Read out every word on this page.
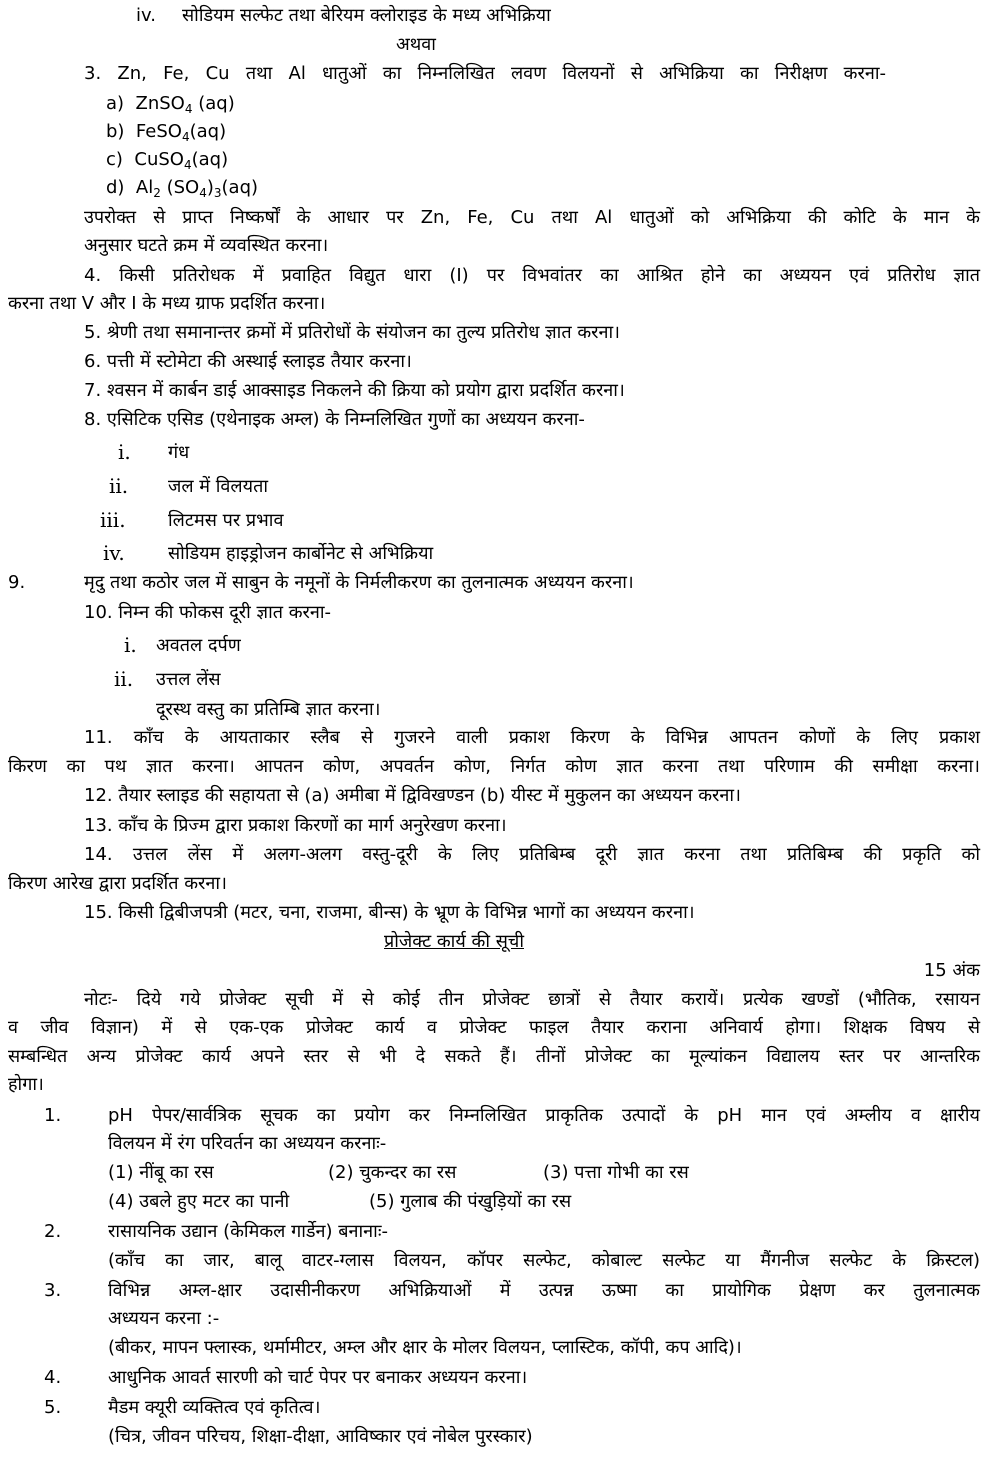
iv. सोडियम सल्फेट तथा बेरियम क्लोराइड के मध्य अभिक्रिया
अथवा
3. Zn, Fe, Cu तथा Al धातुओं का निम्नलिखित लवण विलयनों से अभिक्रिया का निरीक्षण करना-
a) ZnSO$_4$ (aq)
b) FeSO$_4$(aq)
c) CuSO$_4$(aq)
d) $Al_2$ $(SO_4)_3(aq)$
उपरोक्त से प्राप्त निष्कर्षों के आधार पर Zn, Fe, Cu तथा Al धातुओं को अभिक्रिया की कोटि के मान के
अनुसार घटते क्रम में व्यवस्थित करना।
4. किसी प्रतिरोधक में प्रवाहित विद्युत धारा (I) पर विभवांतर का आश्रित होने का अध्ययन एवं प्रतिरोध ज्ञात
करना तथा V और I के मध्य ग्राफ प्रदर्शित करना।
5. श्रेणी तथा समानान्तर क्रमों में प्रतिरोधों के संयोजन का तुल्य प्रतिरोध ज्ञात करना।
6. पत्ती में स्टोमेटा की अस्थाई स्लाइड तैयार करना।
7. श्वसन में कार्बन डाई आक्साइड निकलने की क्रिया को प्रयोग द्वारा प्रदर्शित करना।
8. एसिटिक एसिड (एथेनाइक अम्ल) के निम्नलिखित गुणों का अध्ययन करना-
i. गंध
ii. जल में विलयता
iii. लिटमस पर प्रभाव
iv. सोडियम हाइड्रोजन कार्बोनेट से अभिक्रिया
9.	मृदु तथा कठोर जल में साबुन के नमूनों के निर्मलीकरण का तुलनात्मक अध्ययन करना।
10. निम्न की फोकस दूरी ज्ञात करना-
i. अवतल दर्पण
ii. उत्तल लेंस
दूरस्थ वस्तु का प्रतिम्बि ज्ञात करना।
11. कॉंच के आयताकार स्लैब से गुजरने वाली प्रकाश किरण के विभिन्न आपतन कोणों के लिए प्रकाश
किरण का पथ ज्ञात करना। आपतन कोण, अपवर्तन कोण, निर्गत कोण ज्ञात करना तथा परिणाम की समीक्षा करना।
12. तैयार स्लाइड की सहायता से (a) अमीबा में द्विविखण्डन (b) यीस्ट में मुकुलन का अध्ययन करना।
13. कॉंच के प्रिज्म द्वारा प्रकाश किरणों का मार्ग अनुरेखण करना।
14. उत्तल लेंस में अलग-अलग वस्तु-दूरी के लिए प्रतिबिम्ब दूरी ज्ञात करना तथा प्रतिबिम्ब की प्रकृति को
किरण आरेख द्वारा प्रदर्शित करना।
15. किसी द्विबीजपत्री (मटर, चना, राजमा, बीन्स) के भ्रूण के विभिन्न भागों का अध्ययन करना।
प्रोजेक्ट कार्य की सूची
15 अंक
नोटः- दिये गये प्रोजेक्ट सूची में से कोई तीन प्रोजेक्ट छात्रों से तैयार करायें। प्रत्येक खण्डों (भौतिक, रसायन
व जीव विज्ञान) में से एक-एक प्रोजेक्ट कार्य व प्रोजेक्ट फाइल तैयार कराना अनिवार्य होगा। शिक्षक विषय से
सम्बन्धित अन्य प्रोजेक्ट कार्य अपने स्तर से भी दे सकते हैं। तीनों प्रोजेक्ट का मूल्यांकन विद्यालय स्तर पर आन्तरिक
होगा।
1.	pH पेपर/सार्वत्रिक सूचक का प्रयोग कर निम्नलिखित प्राकृतिक उत्पादों के pH मान एवं अम्लीय व क्षारीय
विलयन में रंग परिवर्तन का अध्ययन करनाः-
(1) नींबू का रस	(2) चुकन्दर का रस	(3) पत्ता गोभी का रस
(4) उबले हुए मटर का पानी	(5) गुलाब की पंखुड़ियों का रस
2.	रासायनिक उद्यान (केमिकल गार्डेन) बनानाः-
(कॉंच का जार, बालू वाटर-ग्लास विलयन, कॉपर सल्फेट, कोबाल्ट सल्फेट या मैंगनीज सल्फेट के क्रिस्टल)
3.	विभिन्न अम्ल-क्षार उदासीनीकरण अभिक्रियाओं में उत्पन्न ऊष्मा का प्रायोगिक प्रेक्षण कर तुलनात्मक
अध्ययन करना :-
(बीकर, मापन फ्लास्क, थर्मामीटर, अम्ल और क्षार के मोलर विलयन, प्लास्टिक, कॉपी, कप आदि)।
4.	आधुनिक आवर्त सारणी को चार्ट पेपर पर बनाकर अध्ययन करना।
5.	मैडम क्यूरी व्यक्तित्व एवं कृतित्व।
(चित्र, जीवन परिचय, शिक्षा-दीक्षा, आविष्कार एवं नोबेल पुरस्कार)
